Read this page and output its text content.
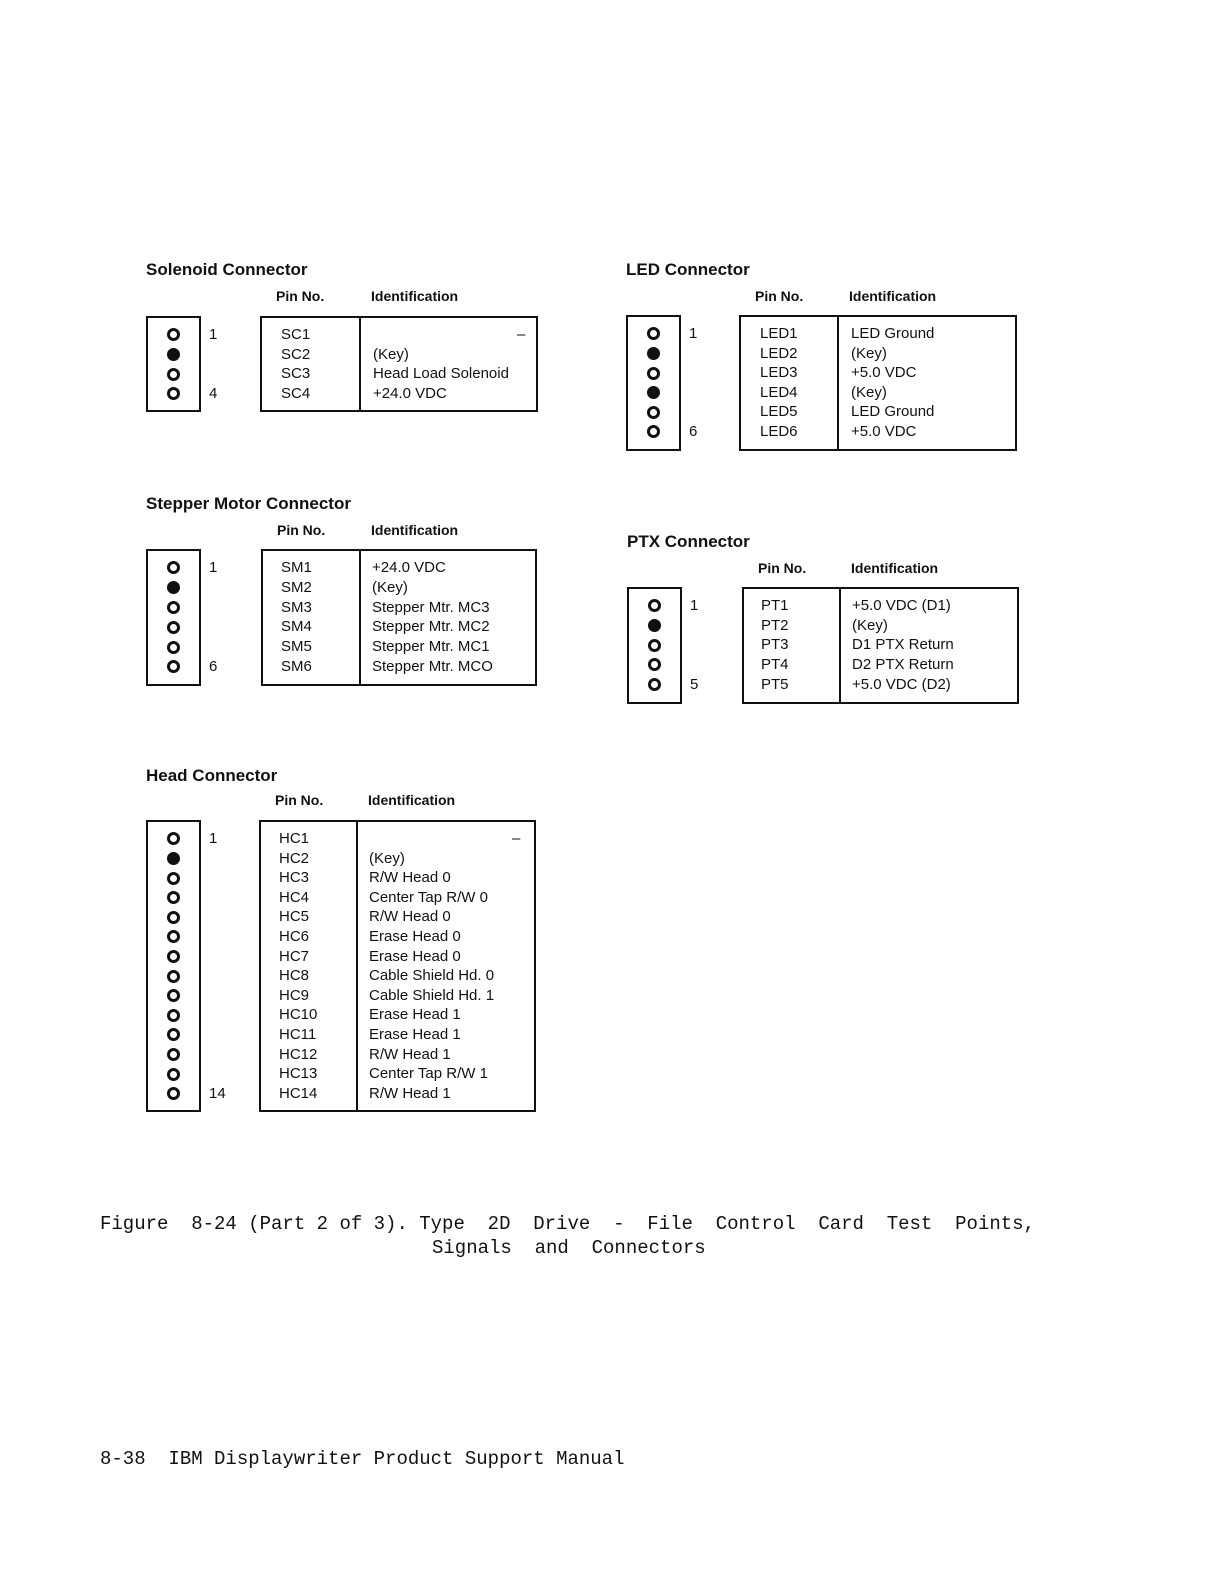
Solenoid Connector
Pin No.	Identification
1
4
SC1	–
SC2	(Key)
SC3	Head Load Solenoid
SC4	+24.0 VDC
Stepper Motor Connector
Pin No.	Identification
1
6
SM1	+24.0 VDC
SM2	(Key)
SM3	Stepper Mtr. MC3
SM4	Stepper Mtr. MC2
SM5	Stepper Mtr. MC1
SM6	Stepper Mtr. MCO
Head Connector
Pin No.	Identification
1
14
HC1	–
HC2	(Key)
HC3	R/W Head 0
HC4	Center Tap R/W 0
HC5	R/W Head 0
HC6	Erase Head 0
HC7	Erase Head 0
HC8	Cable Shield Hd. 0
HC9	Cable Shield Hd. 1
HC10	Erase Head 1
HC11	Erase Head 1
HC12	R/W Head 1
HC13	Center Tap R/W 1
HC14	R/W Head 1
LED Connector
Pin No.	Identification
1
6
LED1	LED Ground
LED2	(Key)
LED3	+5.0 VDC
LED4	(Key)
LED5	LED Ground
LED6	+5.0 VDC
PTX Connector
Pin No.	Identification
1
5
PT1	+5.0 VDC (D1)
PT2	(Key)
PT3	D1 PTX Return
PT4	D2 PTX Return
PT5	+5.0 VDC (D2)
Figure  8-24 (Part 2 of 3). Type  2D  Drive  -  File  Control  Card  Test  Points,
Signals  and  Connectors
8-38  IBM Displaywriter Product Support Manual
